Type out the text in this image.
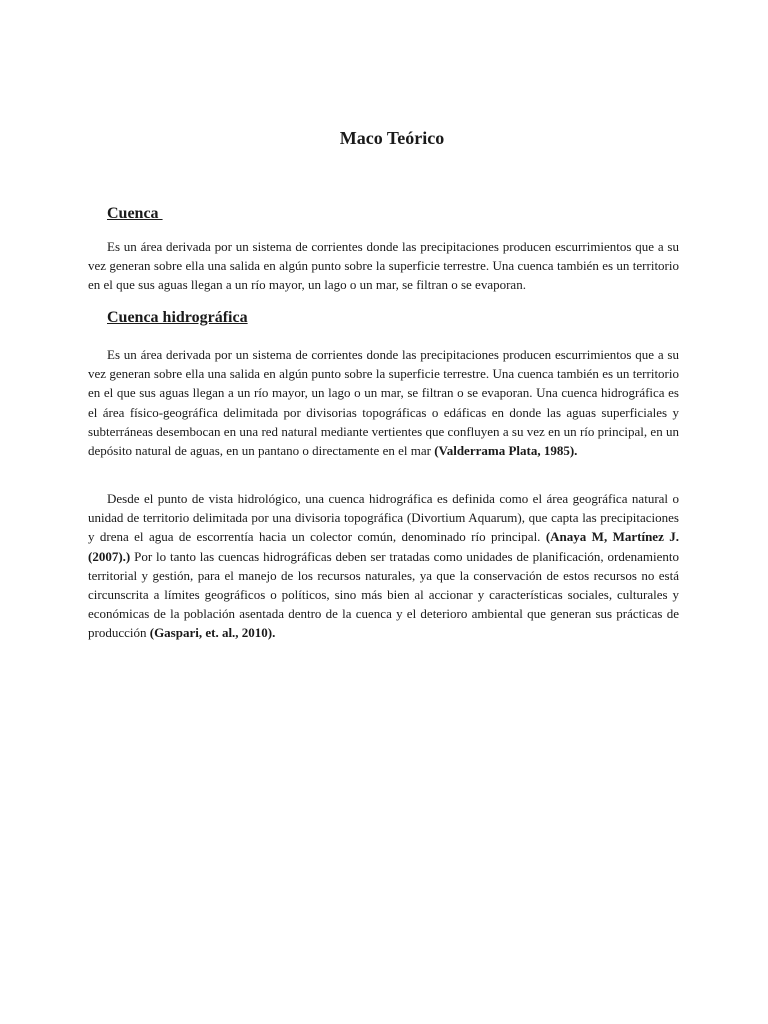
Maco Teórico
Cuenca

Es un área derivada por un sistema de corrientes donde las precipitaciones producen escurrimientos que a su vez generan sobre ella una salida en algún punto sobre la superficie terrestre. Una cuenca también es un territorio en el que sus aguas llegan a un río mayor, un lago o un mar, se filtran o se evaporan.

Cuenca hidrográfica

Es un área derivada por un sistema de corrientes donde las precipitaciones producen escurrimientos que a su vez generan sobre ella una salida en algún punto sobre la superficie terrestre. Una cuenca también es un territorio en el que sus aguas llegan a un río mayor, un lago o un mar, se filtran o se evaporan. Una cuenca hidrográfica es el área físico-geográfica delimitada por divisorias topográficas o edáficas en donde las aguas superficiales y subterráneas desembocan en una red natural mediante vertientes que confluyen a su vez en un río principal, en un depósito natural de aguas, en un pantano o directamente en el mar (Valderrama Plata, 1985).

Desde el punto de vista hidrológico, una cuenca hidrográfica es definida como el área geográfica natural o unidad de territorio delimitada por una divisoria topográfica (Divortium Aquarum), que capta las precipitaciones y drena el agua de escorrentía hacia un colector común, denominado río principal. (Anaya M, Martínez J. (2007).) Por lo tanto las cuencas hidrográficas deben ser tratadas como unidades de planificación, ordenamiento territorial y gestión, para el manejo de los recursos naturales, ya que la conservación de estos recursos no está circunscrita a límites geográficos o políticos, sino más bien al accionar y características sociales, culturales y económicas de la población asentada dentro de la cuenca y el deterioro ambiental que generan sus prácticas de producción (Gaspari, et. al., 2010).
